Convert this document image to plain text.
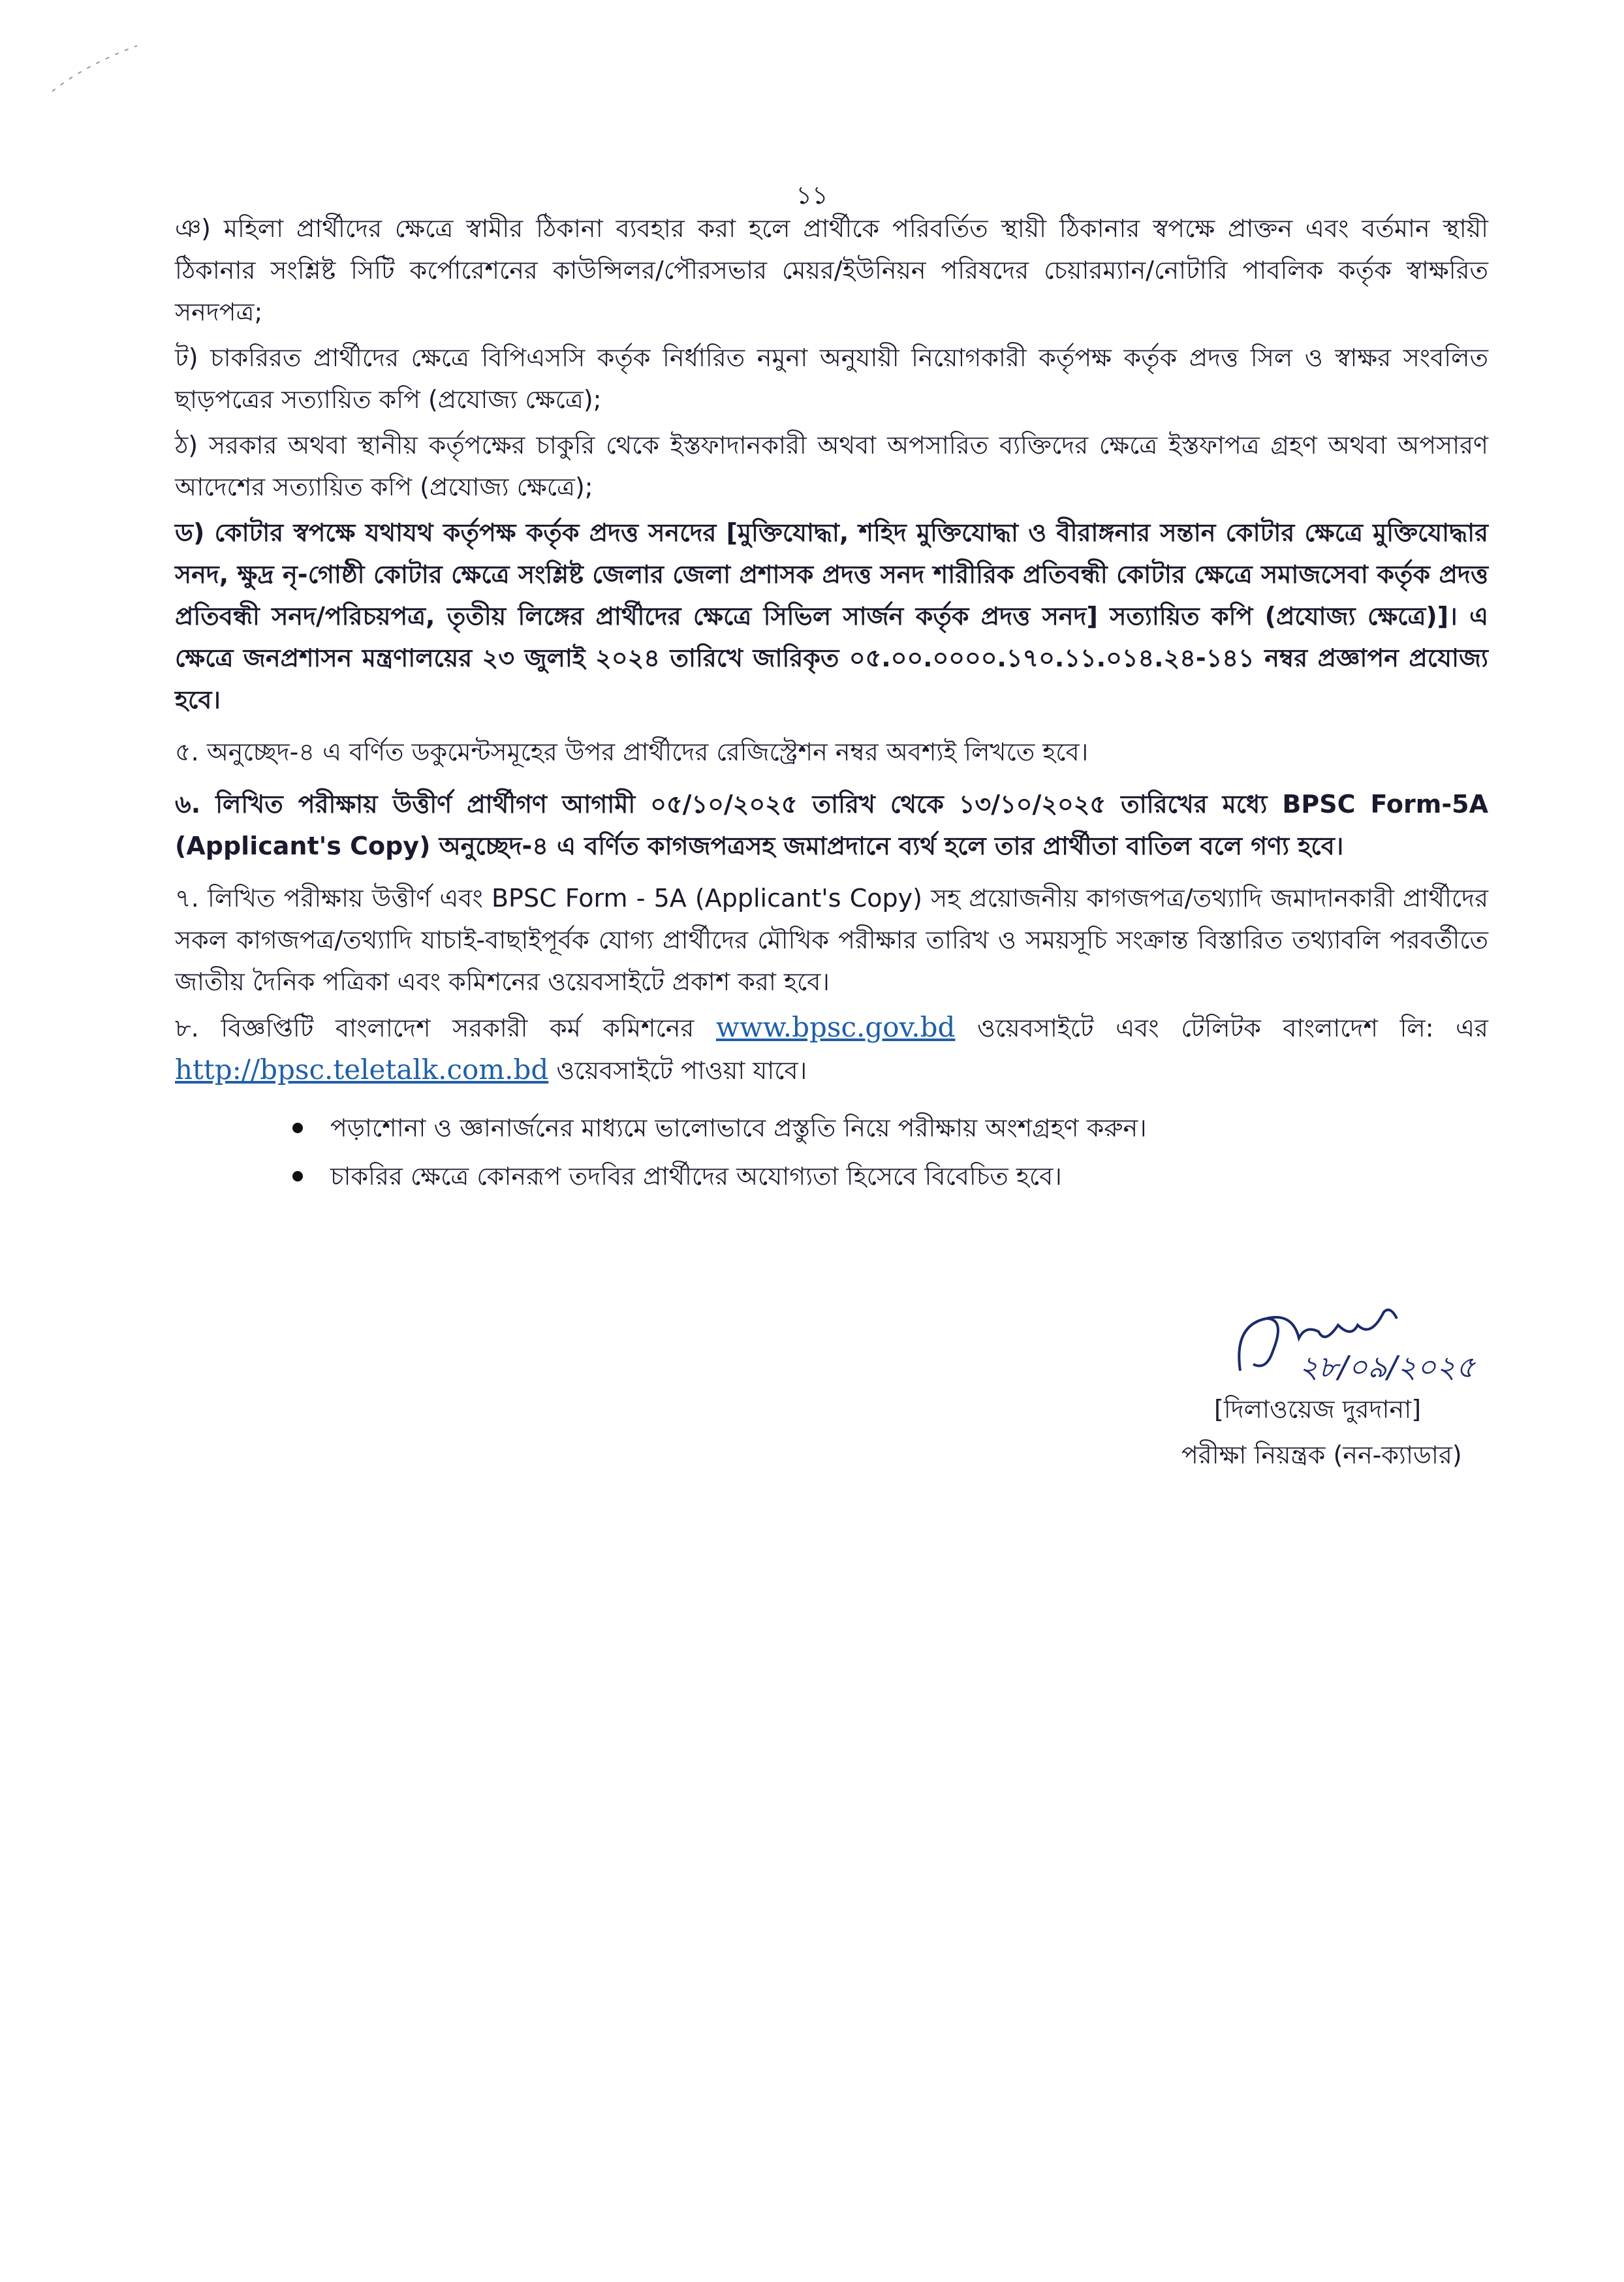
১১

ঞ) মহিলা প্রার্থীদের ক্ষেত্রে স্বামীর ঠিকানা ব্যবহার করা হলে প্রার্থীকে পরিবর্তিত স্থায়ী ঠিকানার স্বপক্ষে প্রাক্তন এবং বর্তমান স্থায়ী ঠিকানার সংশ্লিষ্ট সিটি কর্পোরেশনের কাউন্সিলর/পৌরসভার মেয়র/ইউনিয়ন পরিষদের চেয়ারম্যান/নোটারি পাবলিক কর্তৃক স্বাক্ষরিত সনদপত্র;

ট) চাকরিরত প্রার্থীদের ক্ষেত্রে বিপিএসসি কর্তৃক নির্ধারিত নমুনা অনুযায়ী নিয়োগকারী কর্তৃপক্ষ কর্তৃক প্রদত্ত সিল ও স্বাক্ষর সংবলিত ছাড়পত্রের সত্যায়িত কপি (প্রযোজ্য ক্ষেত্রে);

ঠ) সরকার অথবা স্থানীয় কর্তৃপক্ষের চাকুরি থেকে ইস্তফাদানকারী অথবা অপসারিত ব্যক্তিদের ক্ষেত্রে ইস্তফাপত্র গ্রহণ অথবা অপসারণ আদেশের সত্যায়িত কপি (প্রযোজ্য ক্ষেত্রে);

ড) কোটার স্বপক্ষে যথাযথ কর্তৃপক্ষ কর্তৃক প্রদত্ত সনদের [মুক্তিযোদ্ধা, শহিদ মুক্তিযোদ্ধা ও বীরাঙ্গনার সন্তান কোটার ক্ষেত্রে মুক্তিযোদ্ধার সনদ, ক্ষুদ্র নৃ-গোষ্ঠী কোটার ক্ষেত্রে সংশ্লিষ্ট জেলার জেলা প্রশাসক প্রদত্ত সনদ শারীরিক প্রতিবন্ধী কোটার ক্ষেত্রে সমাজসেবা কর্তৃক প্রদত্ত প্রতিবন্ধী সনদ/পরিচয়পত্র, তৃতীয় লিঙ্গের প্রার্থীদের ক্ষেত্রে সিভিল সার্জন কর্তৃক প্রদত্ত সনদ] সত্যায়িত কপি (প্রযোজ্য ক্ষেত্রে)]। এ ক্ষেত্রে জনপ্রশাসন মন্ত্রণালয়ের ২৩ জুলাই ২০২৪ তারিখে জারিকৃত ০৫.০০.০০০০.১৭০.১১.০১৪.২৪-১৪১ নম্বর প্রজ্ঞাপন প্রযোজ্য হবে।

৫. অনুচ্ছেদ-৪ এ বর্ণিত ডকুমেন্টসমূহের উপর প্রার্থীদের রেজিস্ট্রেশন নম্বর অবশ্যই লিখতে হবে।

৬. লিখিত পরীক্ষায় উত্তীর্ণ প্রার্থীগণ আগামী ০৫/১০/২০২৫ তারিখ থেকে ১৩/১০/২০২৫ তারিখের মধ্যে BPSC Form-5A (Applicant's Copy) অনুচ্ছেদ-৪ এ বর্ণিত কাগজপত্রসহ জমাপ্রদানে ব্যর্থ হলে তার প্রার্থীতা বাতিল বলে গণ্য হবে।

৭. লিখিত পরীক্ষায় উত্তীর্ণ এবং BPSC Form - 5A (Applicant's Copy) সহ প্রয়োজনীয় কাগজপত্র/তথ্যাদি জমাদানকারী প্রার্থীদের সকল কাগজপত্র/তথ্যাদি যাচাই-বাছাইপূর্বক যোগ্য প্রার্থীদের মৌখিক পরীক্ষার তারিখ ও সময়সূচি সংক্রান্ত বিস্তারিত তথ্যাবলি পরবর্তীতে জাতীয় দৈনিক পত্রিকা এবং কমিশনের ওয়েবসাইটে প্রকাশ করা হবে।

৮. বিজ্ঞপ্তিটি বাংলাদেশ সরকারী কর্ম কমিশনের www.bpsc.gov.bd ওয়েবসাইটে এবং টেলিটক বাংলাদেশ লি: এর http://bpsc.teletalk.com.bd ওয়েবসাইটে পাওয়া যাবে।

পড়াশোনা ও জ্ঞানার্জনের মাধ্যমে ভালোভাবে প্রস্তুতি নিয়ে পরীক্ষায় অংশগ্রহণ করুন।
চাকরির ক্ষেত্রে কোনরূপ তদবির প্রার্থীদের অযোগ্যতা হিসেবে বিবেচিত হবে।
২৮/০৯/২০২৫
[দিলাওয়েজ দুরদানা]
পরীক্ষা নিয়ন্ত্রক (নন-ক্যাডার)
